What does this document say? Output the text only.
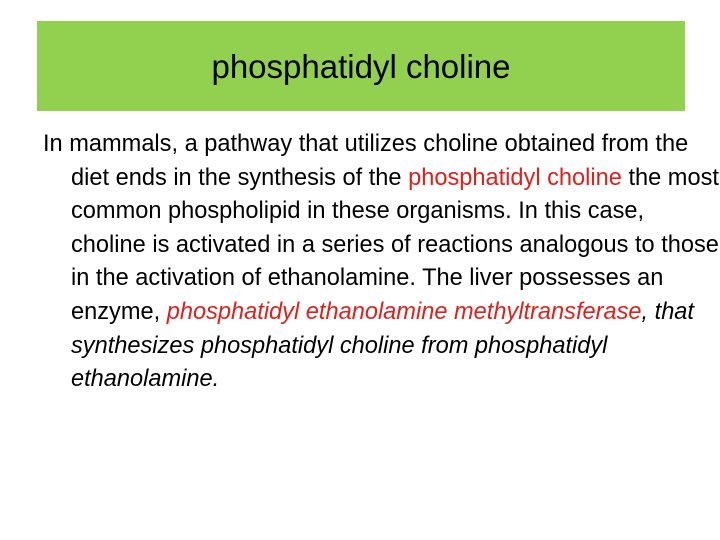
phosphatidyl choline

In mammals, a pathway that utilizes choline obtained from the diet ends in the synthesis of the phosphatidyl choline the most common phospholipid in these organisms. In this case, choline is activated in a series of reactions analogous to those in the activation of ethanolamine. The liver possesses an enzyme, phosphatidyl ethanolamine methyltransferase, that synthesizes phosphatidyl choline from phosphatidyl ethanolamine.
